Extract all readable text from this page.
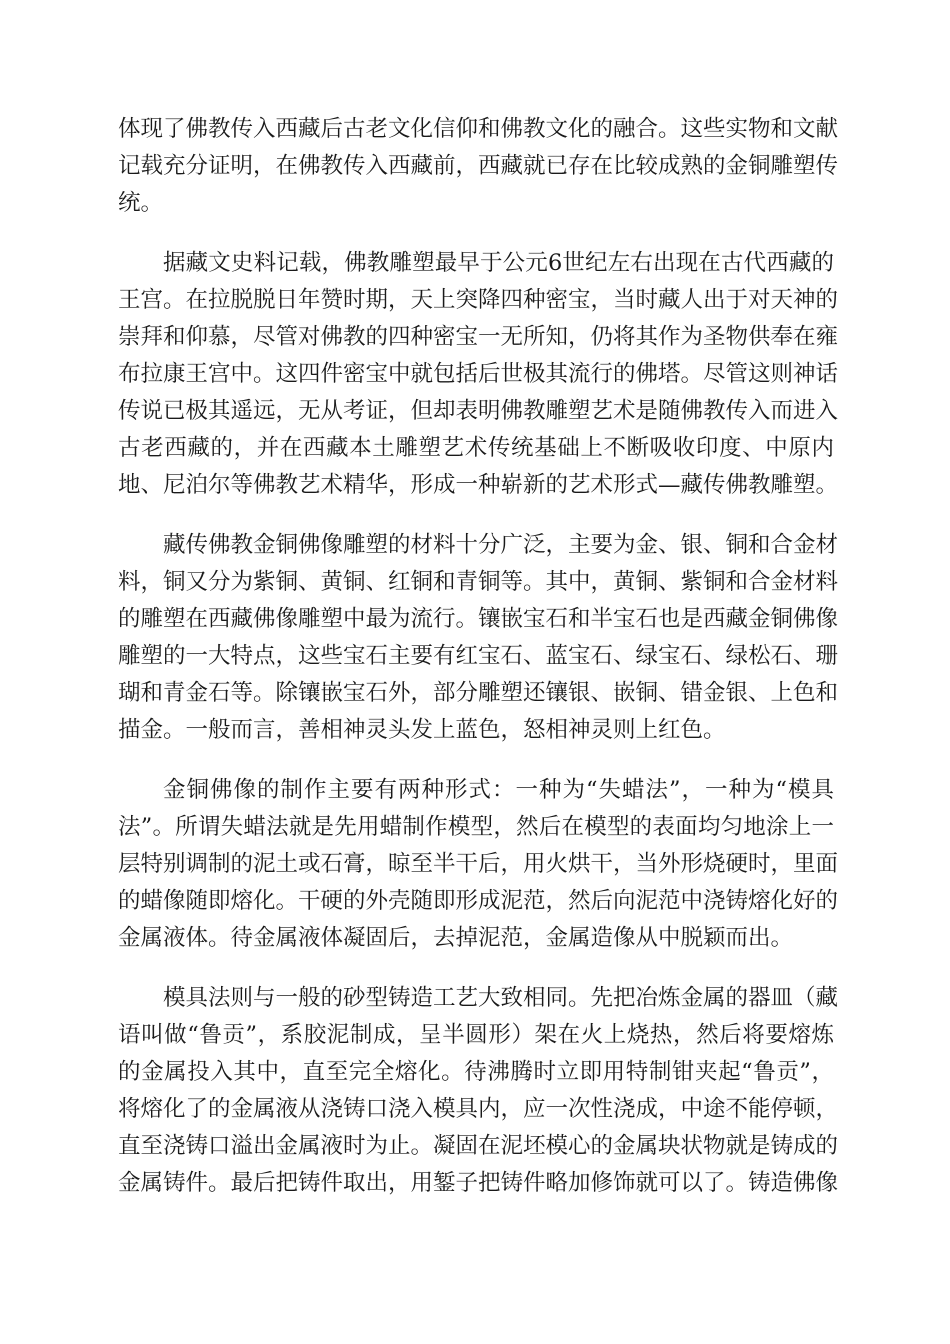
体现了佛教传入西藏后古老文化信仰和佛教文化的融合。这些实物和文献
记载充分证明，在佛教传入西藏前，西藏就已存在比较成熟的金铜雕塑传
统。
据藏文史料记载，佛教雕塑最早于公元6世纪左右出现在古代西藏的
王宫。在拉脱脱日年赞时期，天上突降四种密宝，当时藏人出于对天神的
崇拜和仰慕，尽管对佛教的四种密宝一无所知，仍将其作为圣物供奉在雍
布拉康王宫中。这四件密宝中就包括后世极其流行的佛塔。尽管这则神话
传说已极其遥远，无从考证，但却表明佛教雕塑艺术是随佛教传入而进入
古老西藏的，并在西藏本土雕塑艺术传统基础上不断吸收印度、中原内
地、尼泊尔等佛教艺术精华，形成一种崭新的艺术形式—藏传佛教雕塑。
藏传佛教金铜佛像雕塑的材料十分广泛，主要为金、银、铜和合金材
料，铜又分为紫铜、黄铜、红铜和青铜等。其中，黄铜、紫铜和合金材料
的雕塑在西藏佛像雕塑中最为流行。镶嵌宝石和半宝石也是西藏金铜佛像
雕塑的一大特点，这些宝石主要有红宝石、蓝宝石、绿宝石、绿松石、珊
瑚和青金石等。除镶嵌宝石外，部分雕塑还镶银、嵌铜、错金银、上色和
描金。一般而言，善相神灵头发上蓝色，怒相神灵则上红色。
金铜佛像的制作主要有两种形式：一种为“失蜡法”，一种为“模具
法”。所谓失蜡法就是先用蜡制作模型，然后在模型的表面均匀地涂上一
层特别调制的泥土或石膏，晾至半干后，用火烘干，当外形烧硬时，里面
的蜡像随即熔化。干硬的外壳随即形成泥范，然后向泥范中浇铸熔化好的
金属液体。待金属液体凝固后，去掉泥范，金属造像从中脱颖而出。
模具法则与一般的砂型铸造工艺大致相同。先把冶炼金属的器皿（藏
语叫做“鲁贡”，系胶泥制成，呈半圆形）架在火上烧热，然后将要熔炼
的金属投入其中，直至完全熔化。待沸腾时立即用特制钳夹起“鲁贡”，
将熔化了的金属液从浇铸口浇入模具内，应一次性浇成，中途不能停顿，
直至浇铸口溢出金属液时为止。凝固在泥坯模心的金属块状物就是铸成的
金属铸件。最后把铸件取出，用錾子把铸件略加修饰就可以了。铸造佛像
